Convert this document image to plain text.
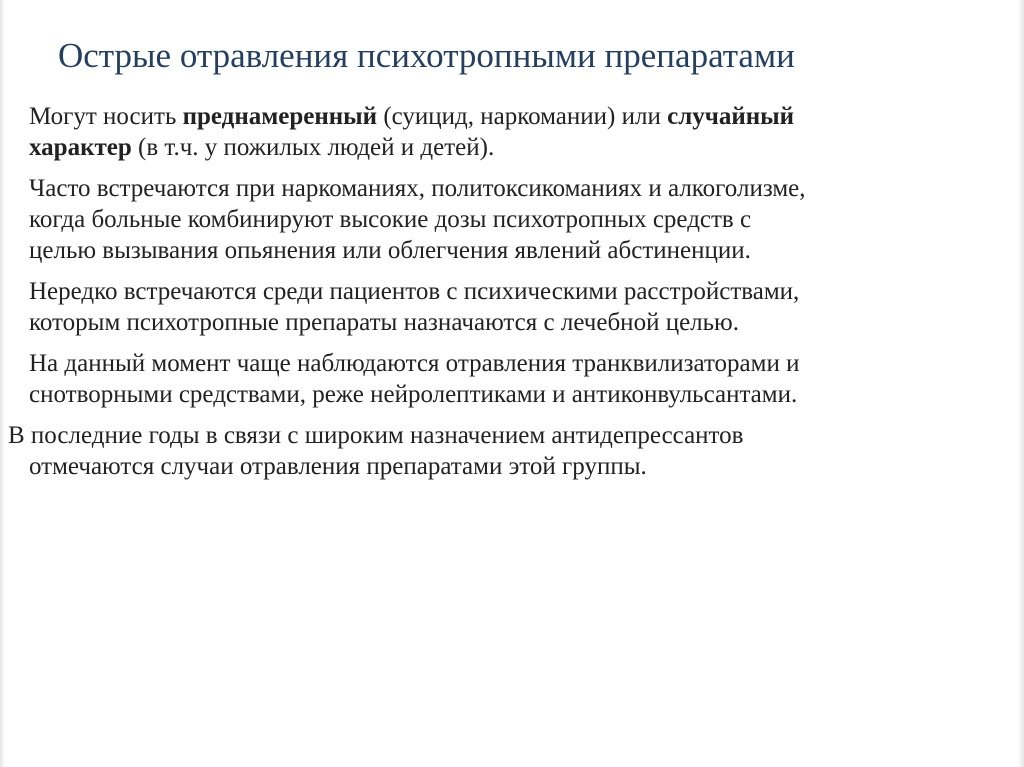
Острые отравления психотропными препаратами

Могут носить преднамеренный (суицид, наркомании) или случайный
характер (в т.ч. у пожилых людей и детей).

Часто встречаются при наркоманиях, политоксикоманиях и алкоголизме,
когда больные комбинируют высокие дозы психотропных средств с
целью вызывания опьянения или облегчения явлений абстиненции.

Нередко встречаются среди пациентов с психическими расстройствами,
которым психотропные препараты назначаются с лечебной целью.

На данный момент чаще наблюдаются отравления транквилизаторами и
снотворными средствами, реже нейролептиками и антиконвульсантами.

В последние годы в связи с широким назначением антидепрессантов
отмечаются случаи отравления препаратами этой группы.
